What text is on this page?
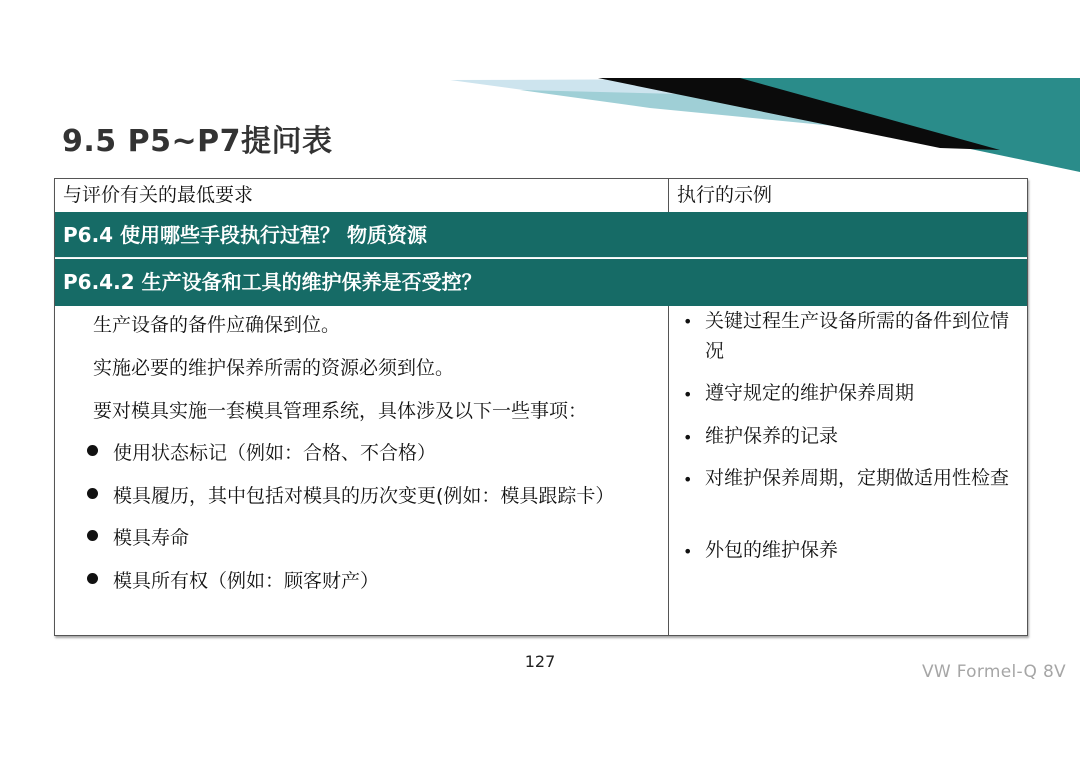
9.5 P5~P7提问表
与评价有关的最低要求	执行的示例
P6.4 使用哪些手段执行过程？ 物质资源
P6.4.2 生产设备和工具的维护保养是否受控？
生产设备的备件应确保到位。
实施必要的维护保养所需的资源必须到位。
要对模具实施一套模具管理系统，具体涉及以下一些事项：
使用状态标记（例如：合格、不合格）
模具履历，其中包括对模具的历次变更(例如：模具跟踪卡）
模具寿命
模具所有权（例如：顾客财产）
• 关键过程生产设备所需的备件到位情况
• 遵守规定的维护保养周期
• 维护保养的记录
• 对维护保养周期，定期做适用性检查
• 外包的维护保养
127
VW Formel-Q 8V
